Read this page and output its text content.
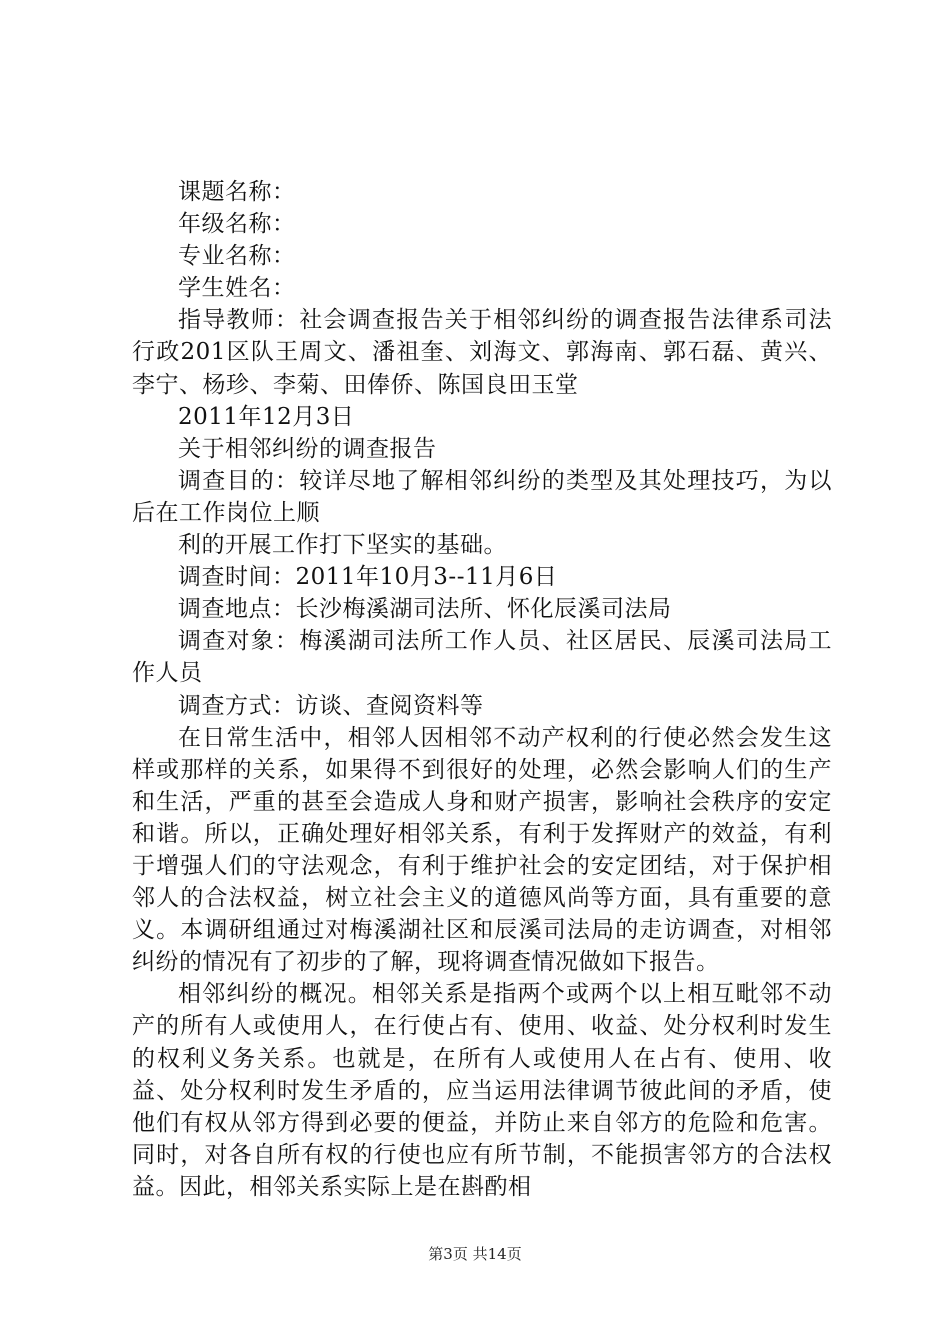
课题名称：

年级名称：

专业名称：

学生姓名：

指导教师：社会调查报告关于相邻纠纷的调查报告法律系司法行政201区队王周文、潘祖奎、刘海文、郭海南、郭石磊、黄兴、李宁、杨珍、李菊、田俸侨、陈国良田玉堂

2011年12月3日

关于相邻纠纷的调查报告

调查目的：较详尽地了解相邻纠纷的类型及其处理技巧，为以后在工作岗位上顺

利的开展工作打下坚实的基础。

调查时间：2011年10月3--11月6日

调查地点：长沙梅溪湖司法所、怀化辰溪司法局

调查对象：梅溪湖司法所工作人员、社区居民、辰溪司法局工作人员

调查方式：访谈、查阅资料等

在日常生活中，相邻人因相邻不动产权利的行使必然会发生这样或那样的关系，如果得不到很好的处理，必然会影响人们的生产和生活，严重的甚至会造成人身和财产损害，影响社会秩序的安定和谐。所以，正确处理好相邻关系，有利于发挥财产的效益，有利于增强人们的守法观念，有利于维护社会的安定团结，对于保护相邻人的合法权益，树立社会主义的道德风尚等方面，具有重要的意义。本调研组通过对梅溪湖社区和辰溪司法局的走访调查，对相邻纠纷的情况有了初步的了解，现将调查情况做如下报告。

相邻纠纷的概况。相邻关系是指两个或两个以上相互毗邻不动产的所有人或使用人，在行使占有、使用、收益、处分权利时发生的权利义务关系。也就是，在所有人或使用人在占有、使用、收益、处分权利时发生矛盾的，应当运用法律调节彼此间的矛盾，使他们有权从邻方得到必要的便益，并防止来自邻方的危险和危害。同时，对各自所有权的行使也应有所节制，不能损害邻方的合法权益。因此，相邻关系实际上是在斟酌相

第3页 共14页
